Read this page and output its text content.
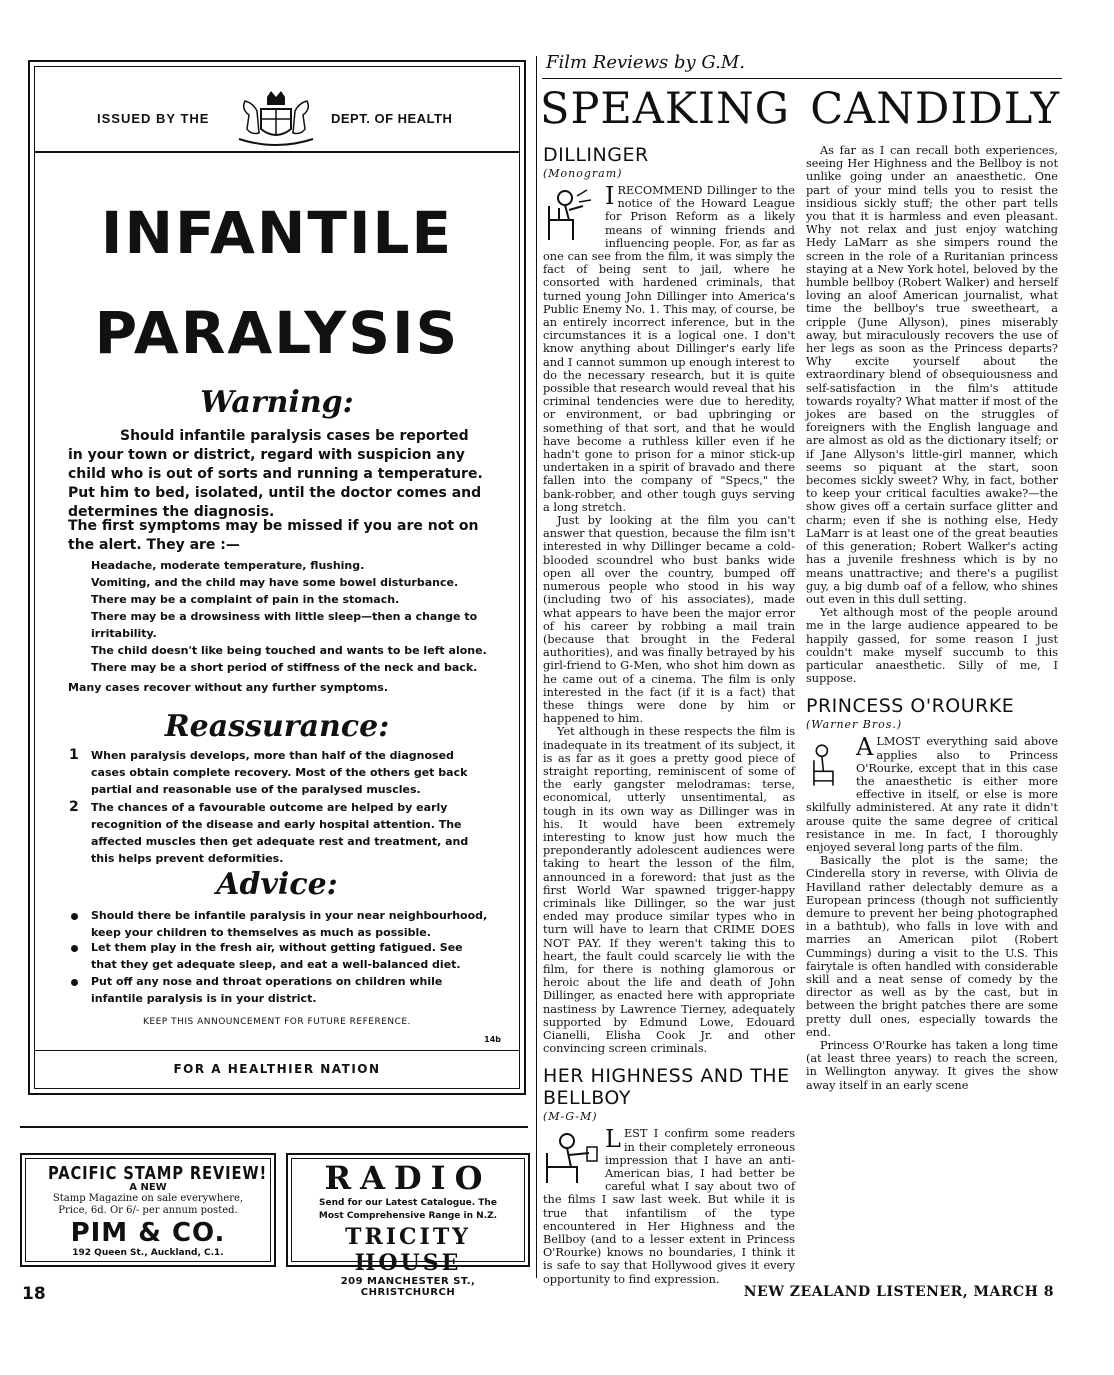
ISSUED BY THE	DEPT. OF HEALTH
INFANTILE
PARALYSIS
Warning:
Should infantile paralysis cases be reported in your town or district, regard with suspicion any child who is out of sorts and running a temperature. Put him to bed, isolated, until the doctor comes and determines the diagnosis.
The first symptoms may be missed if you are not on the alert. They are :—
Headache, moderate temperature, flushing.
Vomiting, and the child may have some bowel disturbance.
There may be a complaint of pain in the stomach.
There may be a drowsiness with little sleep—then a change to irritability.
The child doesn't like being touched and wants to be left alone.
There may be a short period of stiffness of the neck and back.
Many cases recover without any further symptoms.
Reassurance:
1 When paralysis develops, more than half of the diagnosed cases obtain complete recovery. Most of the others get back partial and reasonable use of the paralysed muscles.
2 The chances of a favourable outcome are helped by early recognition of the disease and early hospital attention. The affected muscles then get adequate rest and treatment, and this helps prevent deformities.
Advice:
Should there be infantile paralysis in your near neighbourhood, keep your children to themselves as much as possible.
Let them play in the fresh air, without getting fatigued. See that they get adequate sleep, and eat a well-balanced diet.
Put off any nose and throat operations on children while infantile paralysis is in your district.
KEEP THIS ANNOUNCEMENT FOR FUTURE REFERENCE.
14b
FOR A HEALTHIER NATION
PACIFIC STAMP REVIEW!
A NEW
Stamp Magazine on sale everywhere,
Price, 6d. Or 6/- per annum posted.
PIM & CO.
192 Queen St., Auckland, C.1.
RADIO
Send for our Latest Catalogue. The
Most Comprehensive Range in N.Z.
TRICITY HOUSE
209 MANCHESTER ST., CHRISTCHURCH
18	NEW ZEALAND LISTENER, MARCH 8
Film Reviews by G.M.
SPEAKING CANDIDLY
DILLINGER
(Monogram)

IRECOMMEND Dillinger to the notice of the Howard League for Prison Reform as a likely means of winning friends and influencing people. For, as far as one can see from the film, it was simply the fact of being sent to jail, where he consorted with hardened criminals, that turned young John Dillinger into America's Public Enemy No. 1. This may, of course, be an entirely incorrect inference, but in the circumstances it is a logical one. I don't know anything about Dillinger's early life and I cannot summon up enough interest to do the necessary research, but it is quite possible that research would reveal that his criminal tendencies were due to heredity, or environment, or bad upbringing or something of that sort, and that he would have become a ruthless killer even if he hadn't gone to prison for a minor stick-up undertaken in a spirit of bravado and there fallen into the company of "Specs," the bank-robber, and other tough guys serving a long stretch.

Just by looking at the film you can't answer that question, because the film isn't interested in why Dillinger became a cold-blooded scoundrel who bust banks wide open all over the country, bumped off numerous people who stood in his way (including two of his associates), made what appears to have been the major error of his career by robbing a mail train (because that brought in the Federal authorities), and was finally betrayed by his girl-friend to G-Men, who shot him down as he came out of a cinema. The film is only interested in the fact (if it is a fact) that these things were done by him or happened to him.

Yet although in these respects the film is inadequate in its treatment of its subject, it is as far as it goes a pretty good piece of straight reporting, reminiscent of some of the early gangster melodramas: terse, economical, utterly unsentimental, as tough in its own way as Dillinger was in his. It would have been extremely interesting to know just how much the preponderantly adolescent audiences were taking to heart the lesson of the film, announced in a foreword: that just as the first World War spawned trigger-happy criminals like Dillinger, so the war just ended may produce similar types who in turn will have to learn that CRIME DOES NOT PAY. If they weren't taking this to heart, the fault could scarcely lie with the film, for there is nothing glamorous or heroic about the life and death of John Dillinger, as enacted here with appropriate nastiness by Lawrence Tierney, adequately supported by Edmund Lowe, Edouard Cianelli, Elisha Cook Jr. and other convincing screen criminals.

HER HIGHNESS AND THE BELLBOY
(M-G-M)

LEST I confirm some readers in their completely erroneous impression that I have an anti-American bias, I had better be careful what I say about two of the films I saw last week. But while it is true that infantilism of the type encountered in Her Highness and the Bellboy (and to a lesser extent in Princess O'Rourke) knows no boundaries, I think it is safe to say that Hollywood gives it every opportunity to find expression.

As far as I can recall both experiences, seeing Her Highness and the Bellboy is not unlike going under an anaesthetic. One part of your mind tells you to resist the insidious sickly stuff; the other part tells you that it is harmless and even pleasant. Why not relax and just enjoy watching Hedy LaMarr as she simpers round the screen in the role of a Ruritanian princess staying at a New York hotel, beloved by the humble bellboy (Robert Walker) and herself loving an aloof American journalist, what time the bellboy's true sweetheart, a cripple (June Allyson), pines miserably away, but miraculously recovers the use of her legs as soon as the Princess departs? Why excite yourself about the extraordinary blend of obsequiousness and self-satisfaction in the film's attitude towards royalty? What matter if most of the jokes are based on the struggles of foreigners with the English language and are almost as old as the dictionary itself; or if Jane Allyson's little-girl manner, which seems so piquant at the start, soon becomes sickly sweet? Why, in fact, bother to keep your critical faculties awake?—the show gives off a certain surface glitter and charm; even if she is nothing else, Hedy LaMarr is at least one of the great beauties of this generation; Robert Walker's acting has a juvenile freshness which is by no means unattractive; and there's a pugilist guy, a big dumb oaf of a fellow, who shines out even in this dull setting.

Yet although most of the people around me in the large audience appeared to be happily gassed, for some reason I just couldn't make myself succumb to this particular anaesthetic. Silly of me, I suppose.

PRINCESS O'ROURKE
(Warner Bros.)

ALMOST everything said above applies also to Princess O'Rourke, except that in this case the anaesthetic is either more effective in itself, or else is more skilfully administered. At any rate it didn't arouse quite the same degree of critical resistance in me. In fact, I thoroughly enjoyed several long parts of the film.

Basically the plot is the same; the Cinderella story in reverse, with Olivia de Havilland rather delectably demure as a European princess (though not sufficiently demure to prevent her being photographed in a bathtub), who falls in love with and marries an American pilot (Robert Cummings) during a visit to the U.S. This fairytale is often handled with considerable skill and a neat sense of comedy by the director as well as by the cast, but in between the bright patches there are some pretty dull ones, especially towards the end.

Princess O'Rourke has taken a long time (at least three years) to reach the screen, in Wellington anyway. It gives the show away itself in an early scene
